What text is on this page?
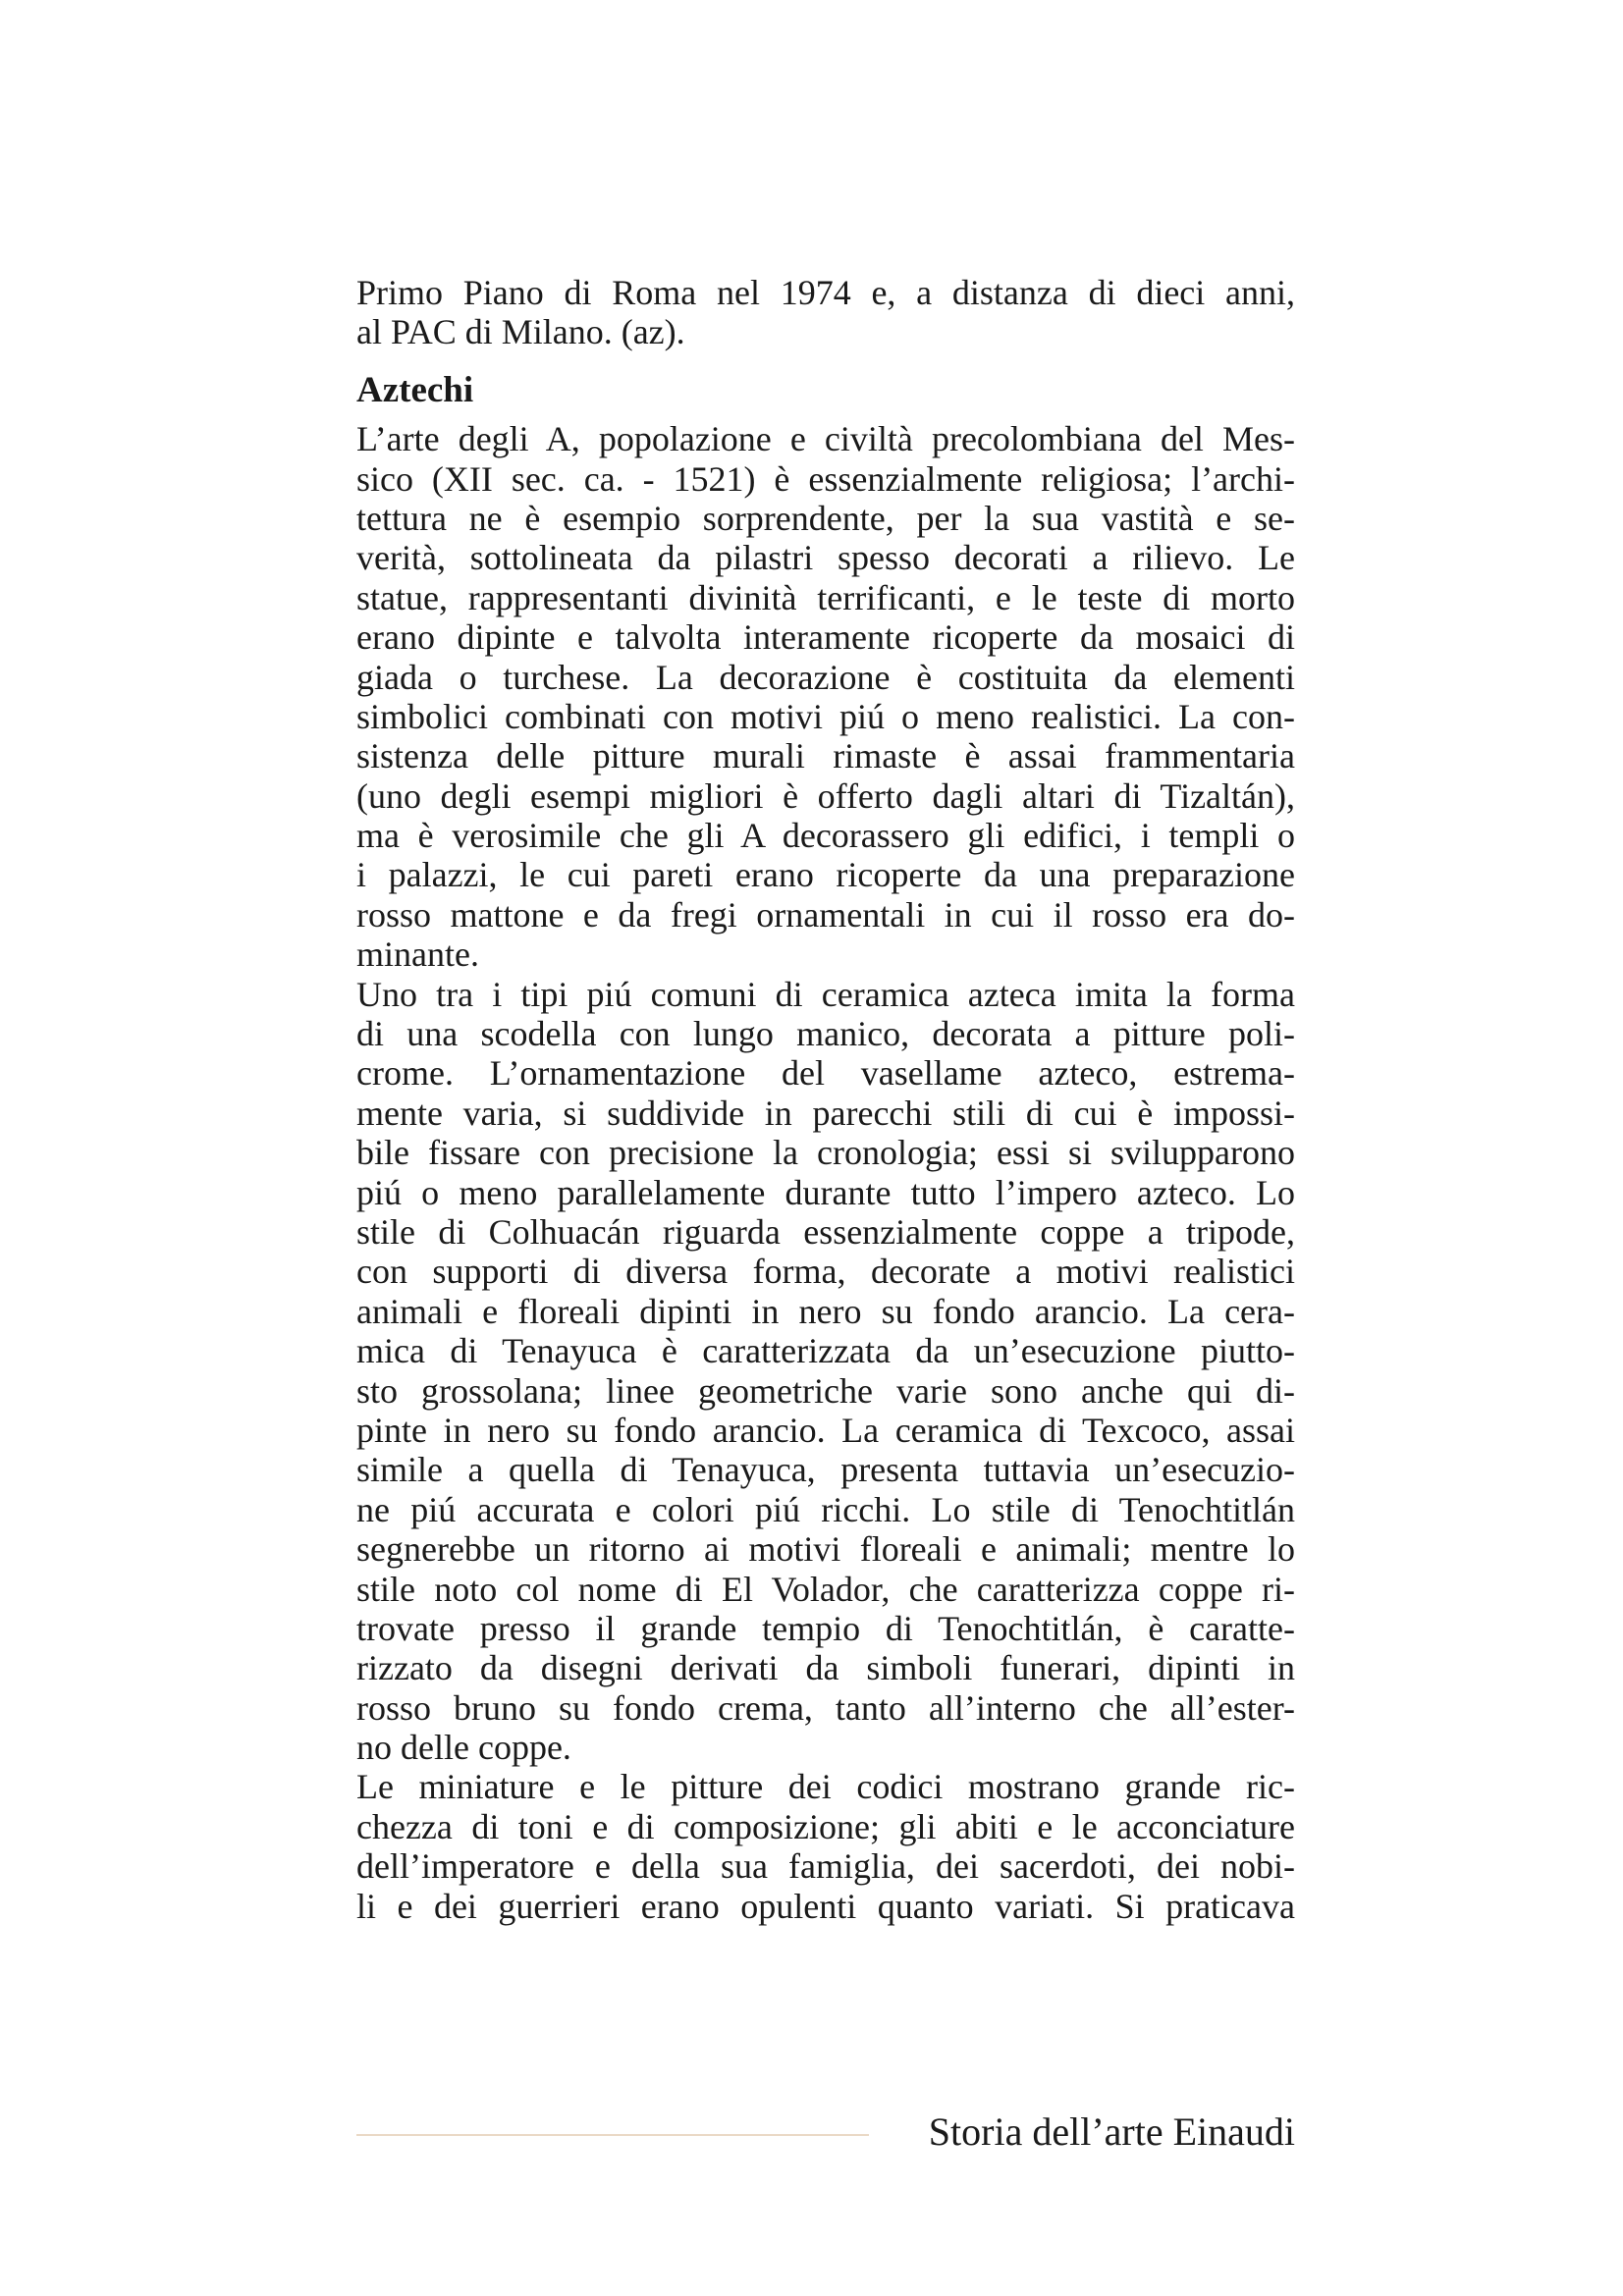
Primo Piano di Roma nel 1974 e, a distanza di dieci anni,
al PAC di Milano. (az).
Aztechi
L’arte degli A, popolazione e civiltà precolombiana del Mes-
sico (XII sec. ca. - 1521) è essenzialmente religiosa; l’archi-
tettura ne è esempio sorprendente, per la sua vastità e se-
verità, sottolineata da pilastri spesso decorati a rilievo. Le
statue, rappresentanti divinità terrificanti, e le teste di morto
erano dipinte e talvolta interamente ricoperte da mosaici di
giada o turchese. La decorazione è costituita da elementi
simbolici combinati con motivi piú o meno realistici. La con-
sistenza delle pitture murali rimaste è assai frammentaria
(uno degli esempi migliori è offerto dagli altari di Tizaltán),
ma è verosimile che gli A decorassero gli edifici, i templi o
i palazzi, le cui pareti erano ricoperte da una preparazione
rosso mattone e da fregi ornamentali in cui il rosso era do-
minante.
Uno tra i tipi piú comuni di ceramica azteca imita la forma
di una scodella con lungo manico, decorata a pitture poli-
crome. L’ornamentazione del vasellame azteco, estrema-
mente varia, si suddivide in parecchi stili di cui è impossi-
bile fissare con precisione la cronologia; essi si svilupparono
piú o meno parallelamente durante tutto l’impero azteco. Lo
stile di Colhuacán riguarda essenzialmente coppe a tripode,
con supporti di diversa forma, decorate a motivi realistici
animali e floreali dipinti in nero su fondo arancio. La cera-
mica di Tenayuca è caratterizzata da un’esecuzione piutto-
sto grossolana; linee geometriche varie sono anche qui di-
pinte in nero su fondo arancio. La ceramica di Texcoco, assai
simile a quella di Tenayuca, presenta tuttavia un’esecuzio-
ne piú accurata e colori piú ricchi. Lo stile di Tenochtitlán
segnerebbe un ritorno ai motivi floreali e animali; mentre lo
stile noto col nome di El Volador, che caratterizza coppe ri-
trovate presso il grande tempio di Tenochtitlán, è caratte-
rizzato da disegni derivati da simboli funerari, dipinti in
rosso bruno su fondo crema, tanto all’interno che all’ester-
no delle coppe.
Le miniature e le pitture dei codici mostrano grande ric-
chezza di toni e di composizione; gli abiti e le acconciature
dell’imperatore e della sua famiglia, dei sacerdoti, dei nobi-
li e dei guerrieri erano opulenti quanto variati. Si praticava
Storia dell’arte Einaudi
